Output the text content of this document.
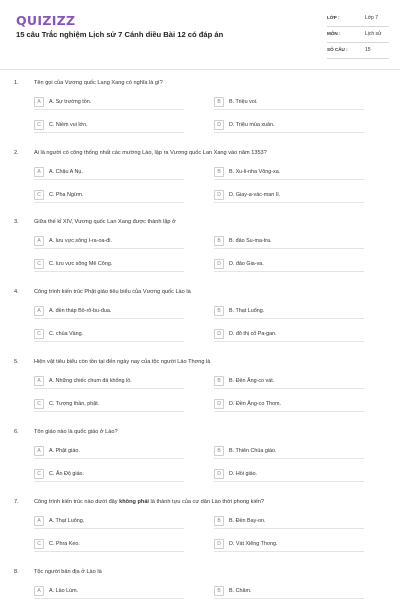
QUIZIZZ
15 câu Trắc nghiệm Lịch sử 7 Cánh diều Bài 12 có đáp án
LỚP :	Lớp 7
MÔN :	Lịch sử
SỐ CÂU :	15
1.	Tên gọi của Vương quốc Lang Xang có nghĩa là gì?
A	A. Sự trường tồn.	B	B. Triệu voi.
C	C. Niềm vui lớn.	D	D. Triệu mùa xuân.
2.	Ai là người có công thống nhất các mường Lào, lập ra Vương quốc Lan Xang vào năm 1353?
A	A. Chậu A Nụ.	B	B. Xu-li-nha Vông-xa.
C	C. Pha Ngừm.	D	D. Giay-a-vác-man II.
3.	Giữa thế kỉ XIV, Vương quốc Lan Xang được thành lập ở
A	A. lưu vực sông I-ra-oa-đi.	B	B. đảo Su-ma-tra.
C	C. lưu vực sông Mê Công.	D	D. đảo Gia-va.
4.	Công trình kiến trúc Phật giáo tiêu biểu của Vương quốc Lào là
A	A. đền tháp Bô-rô-bu-đua.	B	B. Thạt Luổng.
C	C. chùa Vàng.	D	D. đô thị cổ Pa-gan.
5.	Hiện vật tiêu biểu còn tồn tại đến ngày nay của tộc người Lào Thơng là
A	A. Những chiếc chum đá khổng lồ.	B	B. Đền Ăng-co vát.
C	C. Tượng thần, phật.	D	D. Đền Ăng-co Thom.
6.	Tôn giáo nào là quốc giáo ở Lào?
A	A. Phật giáo.	B	B. Thiên Chúa giáo.
C	C. Ấn Độ giáo.	D	D. Hồi giáo.
7.	Công trình kiến trúc nào dưới đây không phải là thành tựu của cư dân Lào thời phong kiến?
A	A. Thạt Luổng.	B	B. Đền Bay-on.
C	C. Phra Keo.	D	D. Vát Xiêng Thong.
8.	Tộc người bản địa ở Lào là
A	A. Lào Lùm.	B	B. Chăm.
